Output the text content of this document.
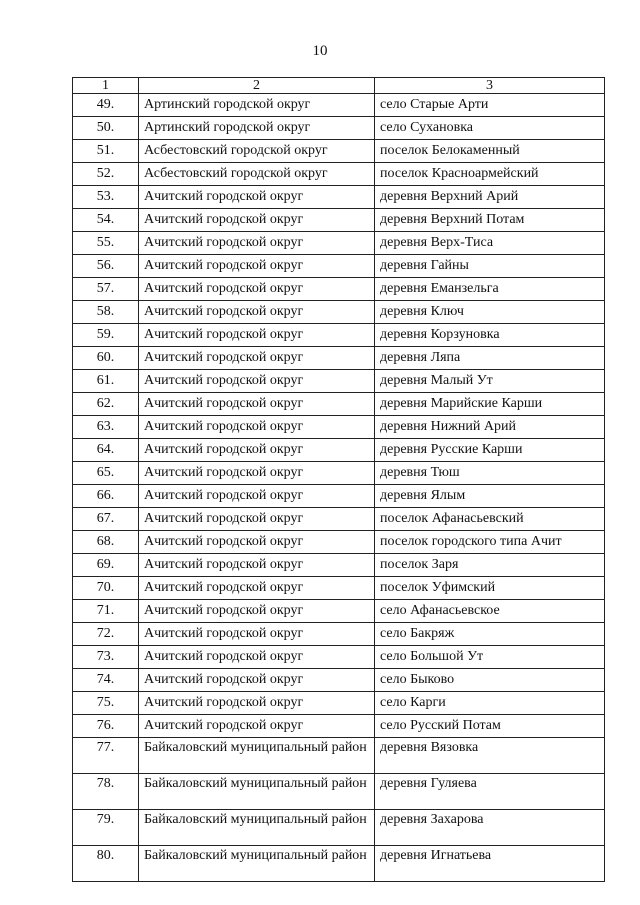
10
1	2	3
49.	Артинский городской округ	село Старые Арти
50.	Артинский городской округ	село Сухановка
51.	Асбестовский городской округ	поселок Белокаменный
52.	Асбестовский городской округ	поселок Красноармейский
53.	Ачитский городской округ	деревня Верхний Арий
54.	Ачитский городской округ	деревня Верхний Потам
55.	Ачитский городской округ	деревня Верх-Тиса
56.	Ачитский городской округ	деревня Гайны
57.	Ачитский городской округ	деревня Еманзельга
58.	Ачитский городской округ	деревня Ключ
59.	Ачитский городской округ	деревня Корзуновка
60.	Ачитский городской округ	деревня Ляпа
61.	Ачитский городской округ	деревня Малый Ут
62.	Ачитский городской округ	деревня Марийские Карши
63.	Ачитский городской округ	деревня Нижний Арий
64.	Ачитский городской округ	деревня Русские Карши
65.	Ачитский городской округ	деревня Тюш
66.	Ачитский городской округ	деревня Ялым
67.	Ачитский городской округ	поселок Афанасьевский
68.	Ачитский городской округ	поселок городского типа Ачит
69.	Ачитский городской округ	поселок Заря
70.	Ачитский городской округ	поселок Уфимский
71.	Ачитский городской округ	село Афанасьевское
72.	Ачитский городской округ	село Бакряж
73.	Ачитский городской округ	село Большой Ут
74.	Ачитский городской округ	село Быково
75.	Ачитский городской округ	село Карги
76.	Ачитский городской округ	село Русский Потам
77.	Байкаловский муниципальный район	деревня Вязовка
78.	Байкаловский муниципальный район	деревня Гуляева
79.	Байкаловский муниципальный район	деревня Захарова
80.	Байкаловский муниципальный район	деревня Игнатьева
